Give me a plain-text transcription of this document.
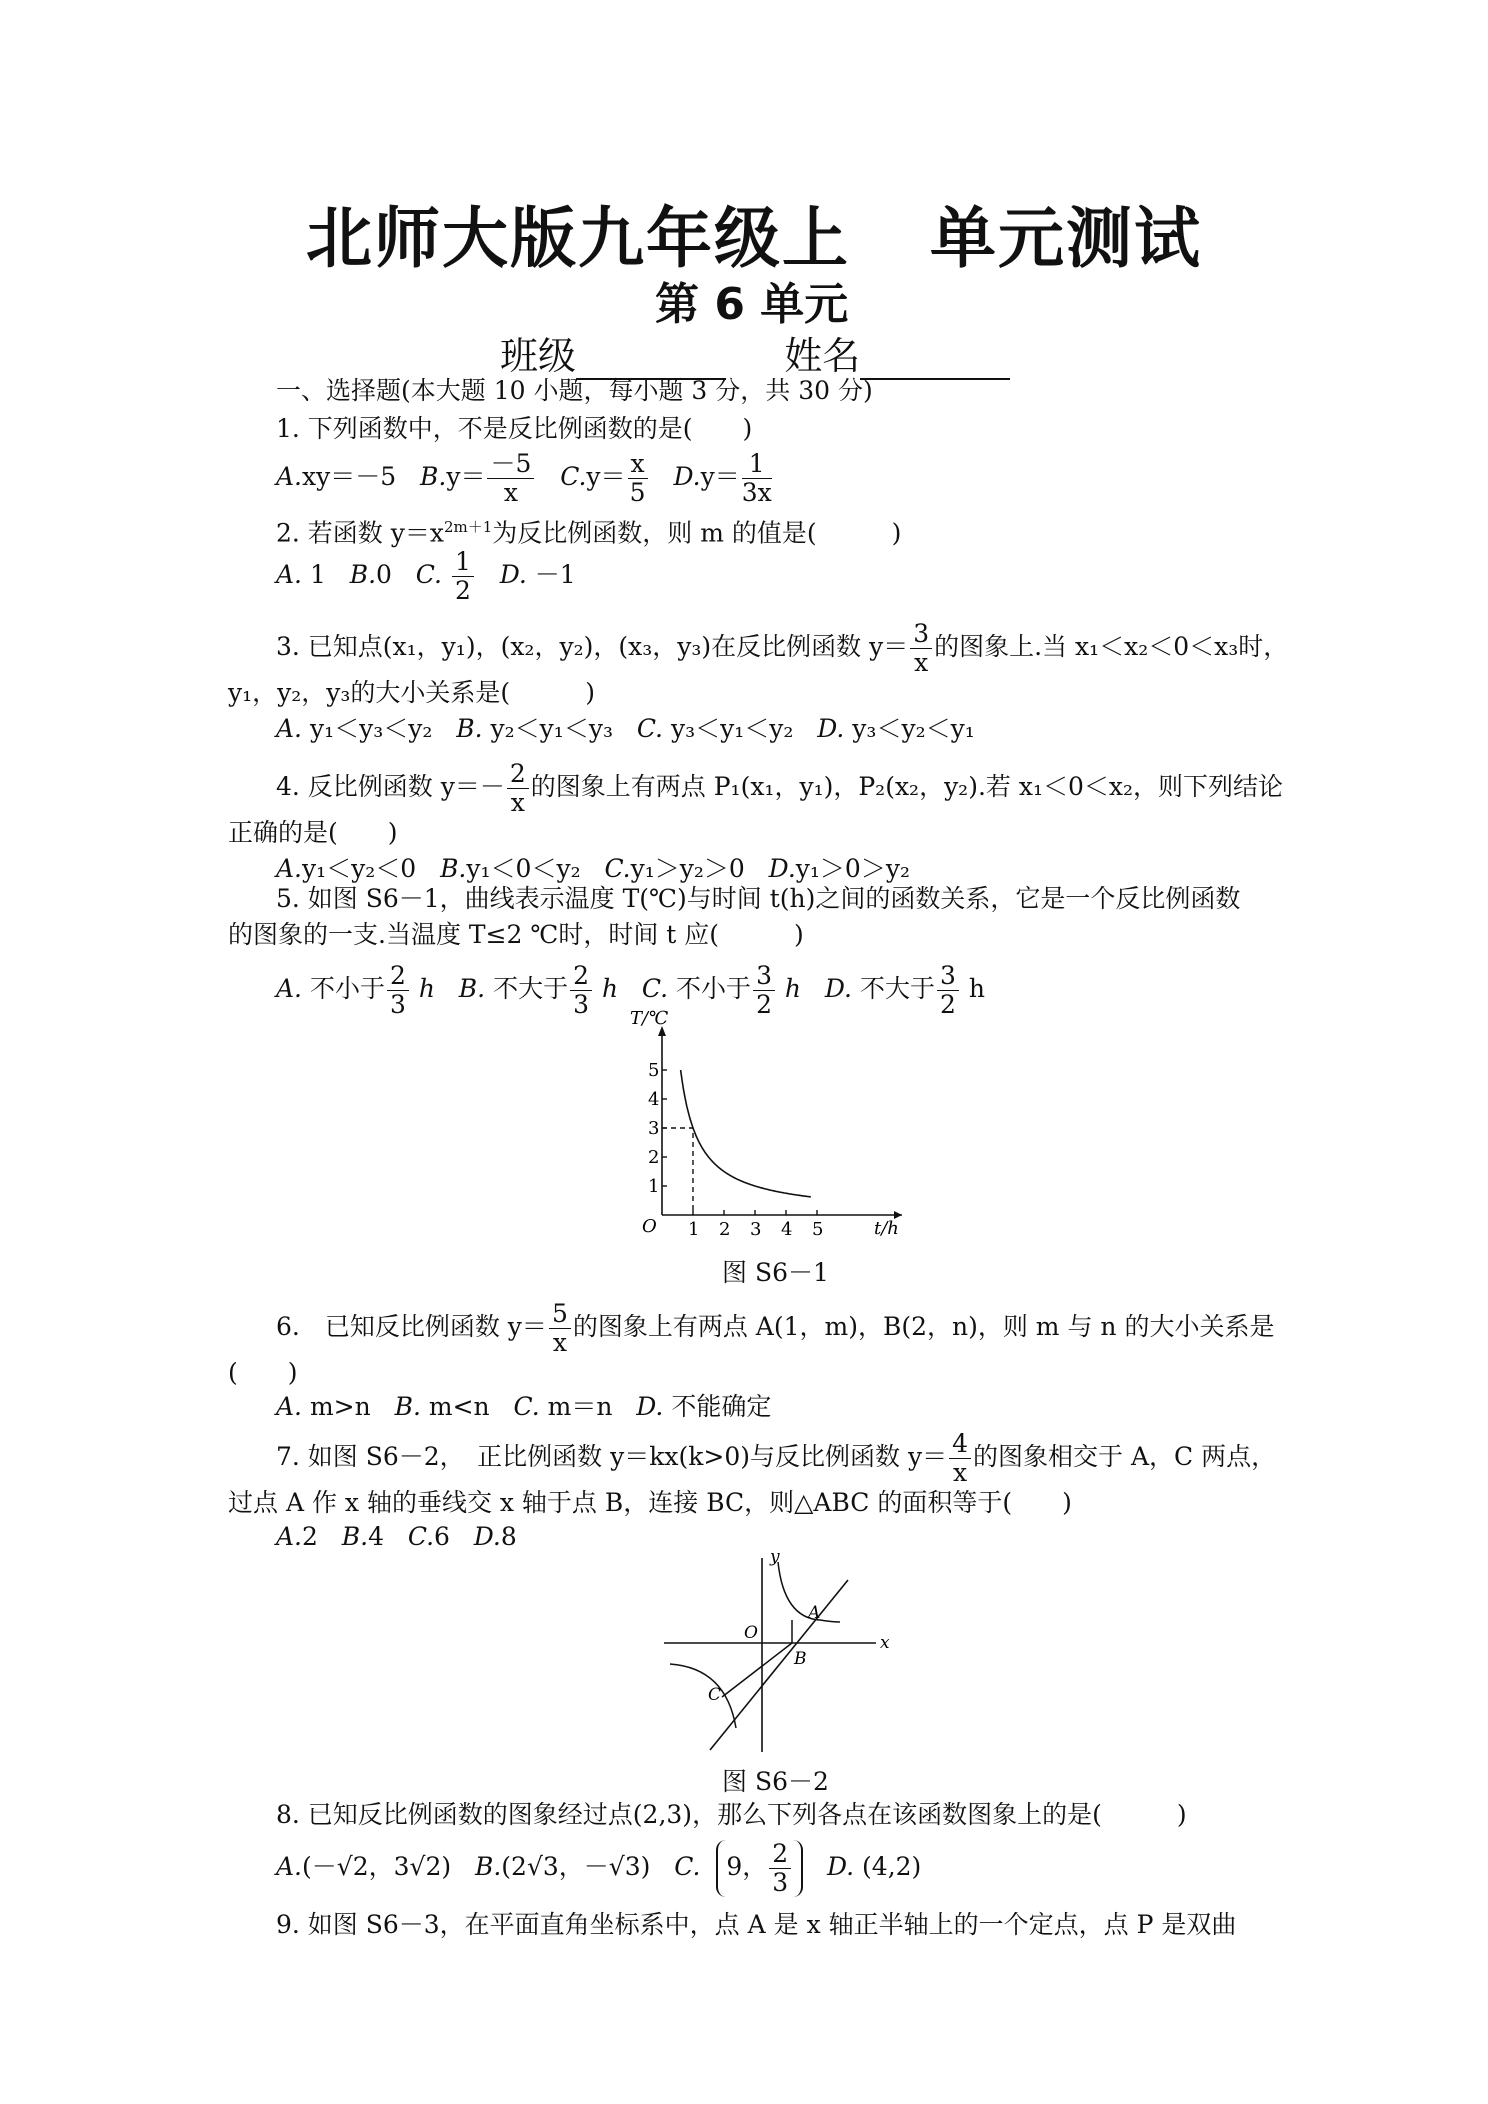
北师大版九年级上 单元测试
第 6 单元
班级	姓名
一、选择题(本大题 10 小题，每小题 3 分，共 30 分)
1. 下列函数中，不是反比例函数的是(　　)
A.xy＝－5 $B.y= \frac{-5}{x} C.y= \frac{x}{5} D.y= \frac{1}{3x}$
2. 若函数 $y=x^{2m+1}$为反比例函数，则 m 的值是(　　　)
A. 1 B.0 C. $\frac{1}{2} D$. －1
3. 已知点(x₁，y₁)，(x₂，y₂)，(x₃，y₃)在反比例函数 $y= \frac{3}{x}$ 的图象上.当 x₁＜x₂＜0＜x₃时，
y₁，y₂，y₃的大小关系是(　　　)
A. y₁＜y₃＜y₂ B. y₂＜y₁＜y₃ C. y₃＜y₁＜y₂ D. y₃＜y₂＜y₁
4. 反比例函数 $y=- \frac{2}{x}$ 的图象上有两点 P₁(x₁，y₁)，P₂(x₂，y₂).若 x₁＜0＜x₂，则下列结论
正确的是(　　)
A.y₁＜y₂＜0 B.y₁＜0＜y₂ C.y₁＞y₂＞0 D.y₁＞0＞y₂
5. 如图 S6－1，曲线表示温度 T(℃)与时间 t(h)之间的函数关系，它是一个反比例函数
的图象的一支.当温度 T≤2 ℃时，时间 t 应(　　　)
A. 不小于 $\frac{2}{3}$ h B. 不大于 $\frac{2}{3}$ h C. 不小于 $\frac{3}{2}$ h D. 不大于 $\frac{3}{2}$ h
T/℃
t/h
O
1
2
3
4
5
1 2 3 4 5
图 S6－1
6.　已知反比例函数 $y= \frac{5}{x}$ 的图象上有两点 A(1，m)，B(2，n)，则 m 与 n 的大小关系是
(　　)
A. m>n B. m<n C. m＝n D. 不能确定
7. 如图 S6－2，　正比例函数 y＝kx(k>0)与反比例函数 $y= \frac{4}{x}$ 的图象相交于 A，C 两点，
过点 A 作 x 轴的垂线交 x 轴于点 B，连接 BC，则△ABC 的面积等于(　　)
A.2 B.4 C.6 D.8
y
x
O
A
B
C
图 S6－2
8. 已知反比例函数的图象经过点(2,3)，那么下列各点在该函数图象上的是(　　　)
A.(－√2，3√2) B.(2√3，－√3) C. 9， $\frac{2}{3} D$. (4,2)
9. 如图 S6－3，在平面直角坐标系中，点 A 是 x 轴正半轴上的一个定点，点 P 是双曲
